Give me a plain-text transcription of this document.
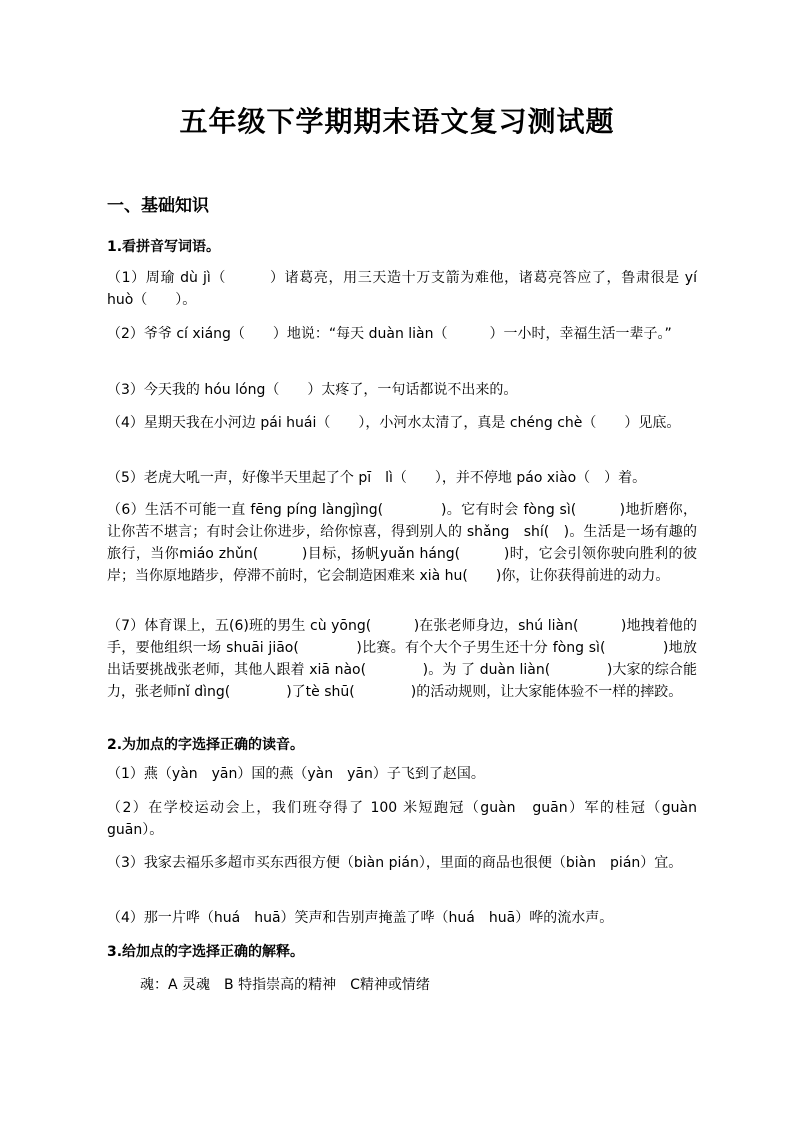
五年级下学期期末语文复习测试题
一、基础知识

1.看拼音写词语。

（1）周瑜 dù jì（　　　）诸葛亮，用三天造十万支箭为难他，诸葛亮答应了，鲁肃很是 yí huò（　　）。

（2）爷爷 cí xiáng（　　）地说：“每天 duàn liàn（　　　）一小时，幸福生活一辈子。”

（3）今天我的 hóu lóng（　　）太疼了，一句话都说不出来的。

（4）星期天我在小河边 pái huái（　　），小河水太清了，真是 chéng chè（　　）见底。

（5）老虎大吼一声，好像半天里起了个 pī　lì（　　），并不停地 páo xiào（　）着。

（6）生活不可能一直 fēng píng làngjìng(　　　　)。它有时会 fòng sì(　　　)地折磨你，让你苦不堪言；有时会让你进步，给你惊喜，得到别人的 shǎng　shí(　)。生活是一场有趣的旅行，当你miáo zhǔn(　　　)目标，扬帆yuǎn háng(　　　)时，它会引领你驶向胜利的彼岸；当你原地踏步，停滞不前时，它会制造困难来 xià hu(　　)你，让你获得前进的动力。

（7）体育课上，五(6)班的男生 cù yōng(　　　)在张老师身边，shú liàn(　　　)地拽着他的手，要他组织一场 shuāi jiāo(　　　　)比赛。有个大个子男生还十分 fòng sì(　　　　)地放出话要挑战张老师，其他人跟着 xiā nào(　　　　)。为 了 duàn liàn(　　　　)大家的综合能力，张老师nǐ dìng(　　　　)了tè shū(　　　　)的活动规则，让大家能体验不一样的摔跤。

2.为加点的字选择正确的读音。

（1）燕（yàn　yān）国的燕（yàn　yān）子飞到了赵国。

（2）在学校运动会上，我们班夺得了 100 米短跑冠（guàn　guān）军的桂冠（guàn　guān）。

（3）我家去福乐多超市买东西很方便（biàn pián），里面的商品也很便（biàn　pián）宜。

（4）那一片哗（huá　huā）笑声和告别声掩盖了哗（huá　huā）哗的流水声。

3.给加点的字选择正确的解释。

魂：A 灵魂　B 特指崇高的精神　C精神或情绪
